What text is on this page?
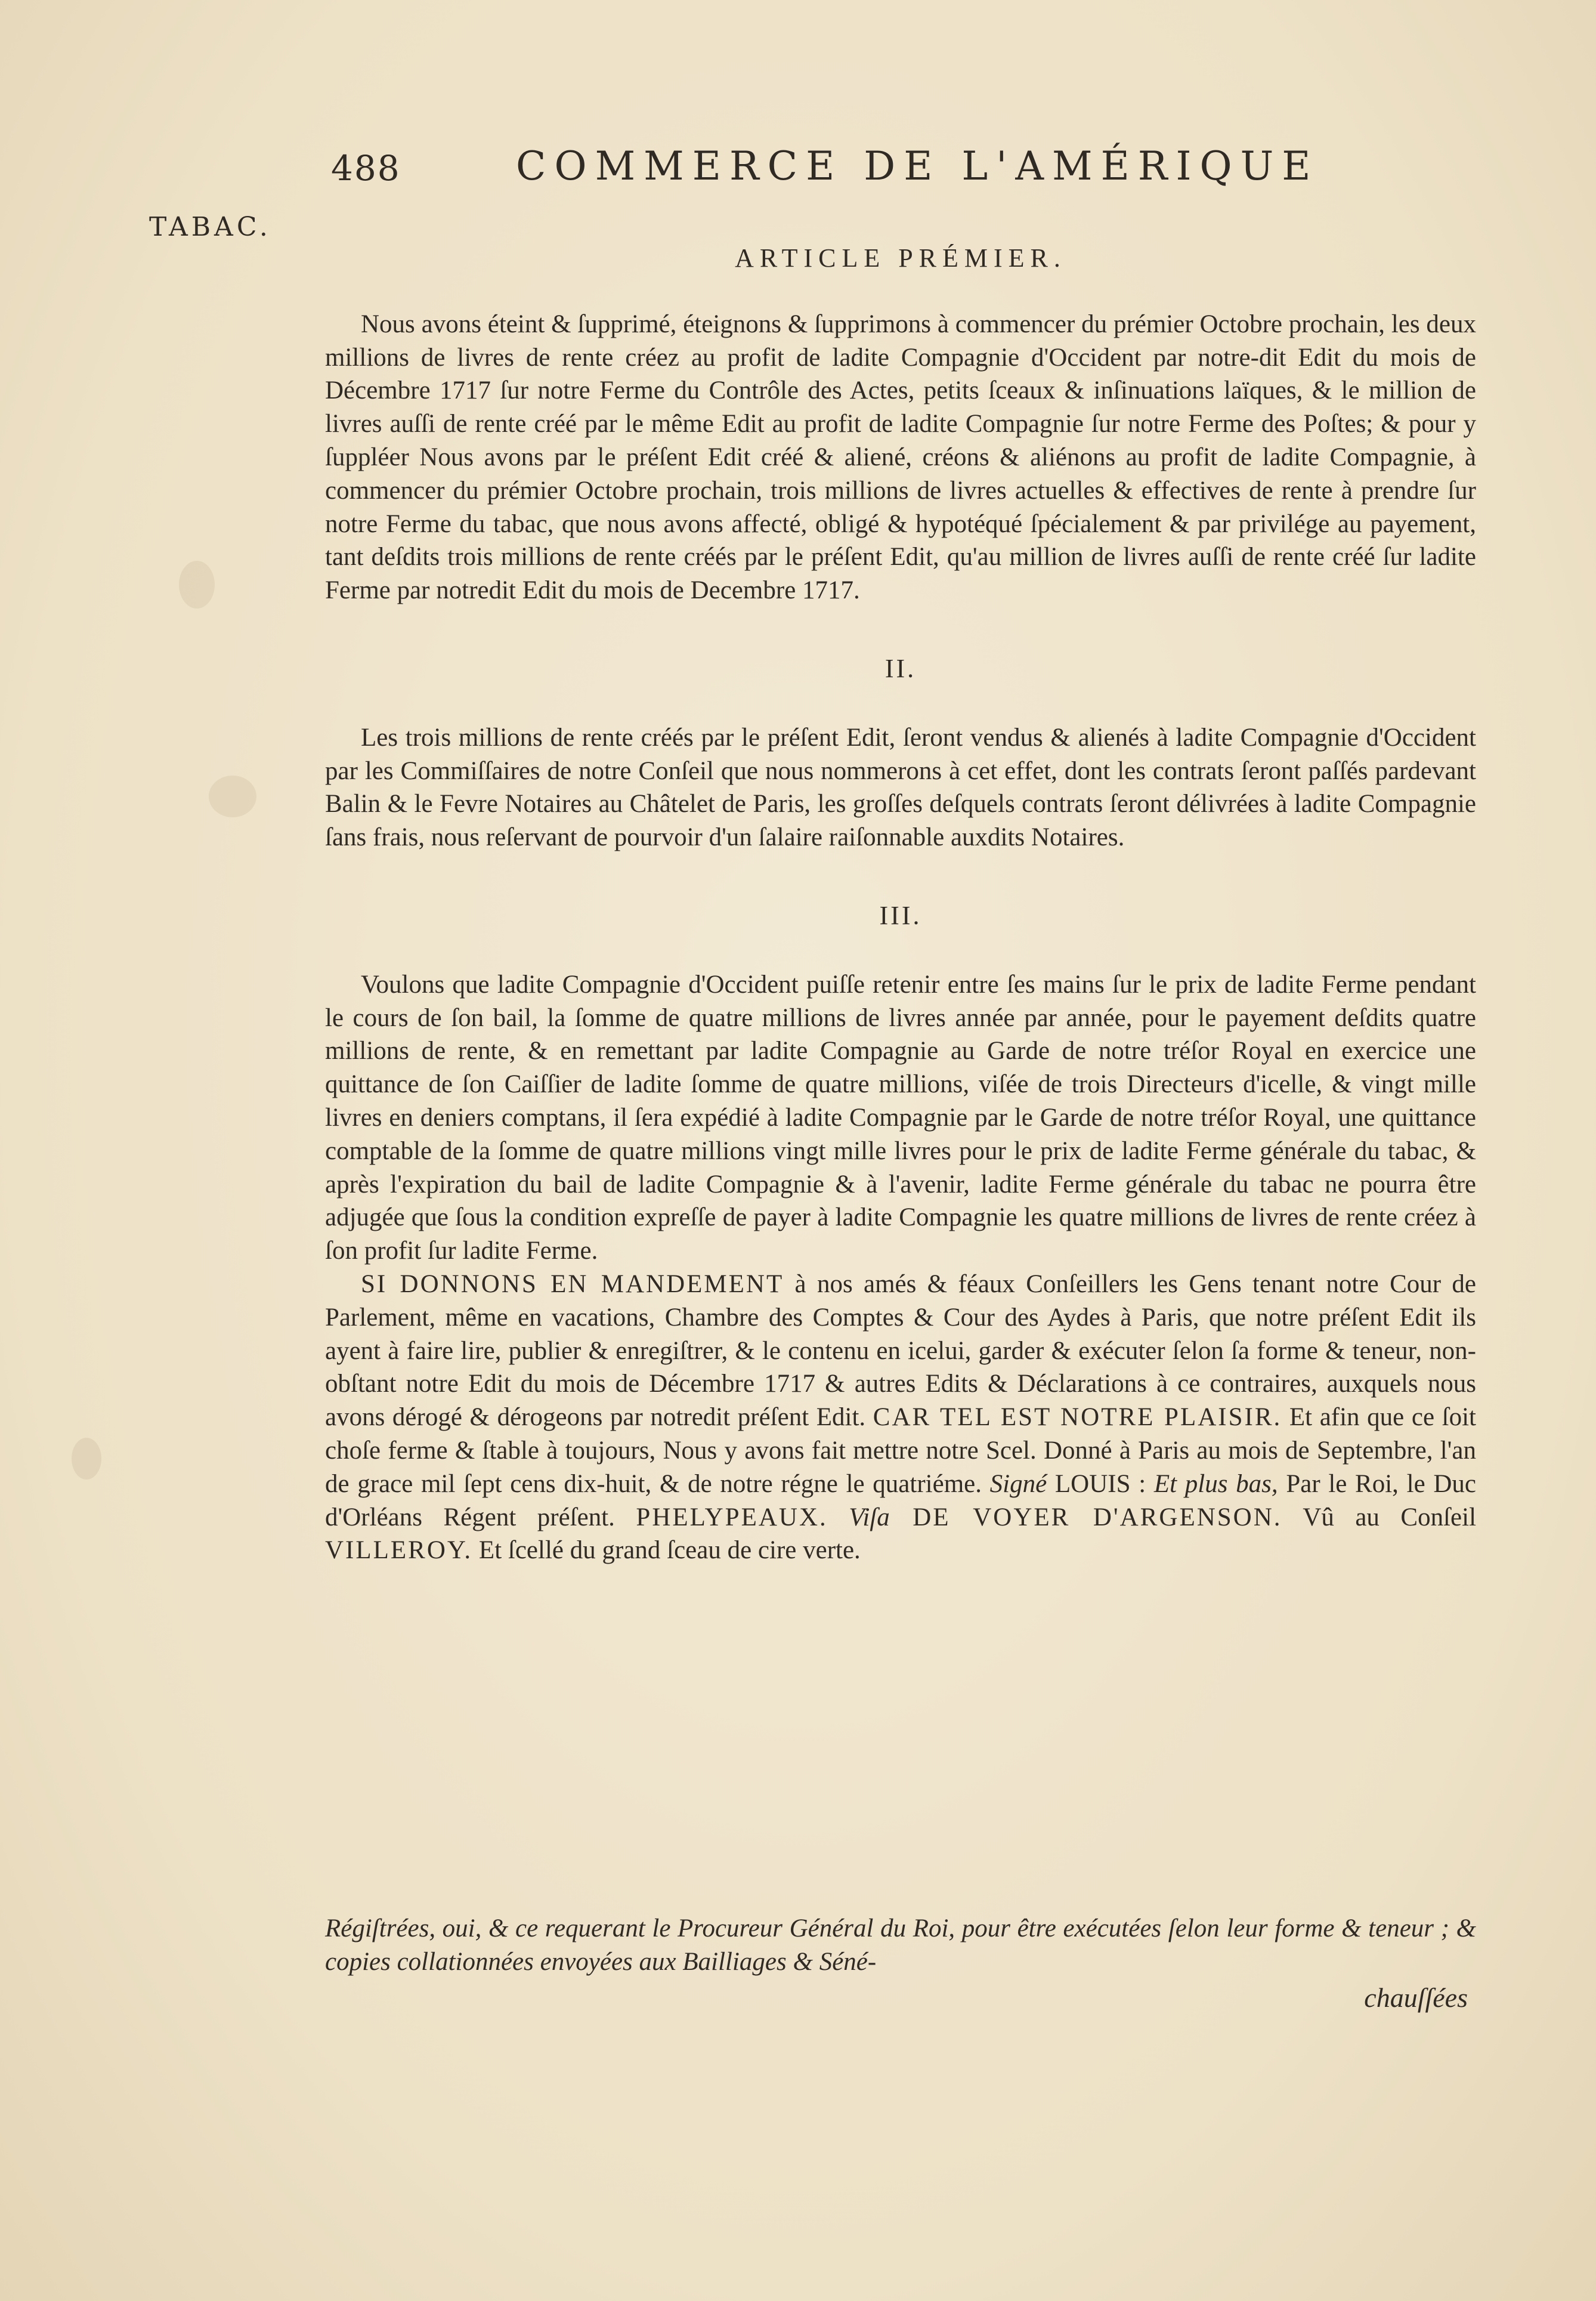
488	COMMERCE DE L'AMÉRIQUE
TABAC.
ARTICLE PRÉMIER.

Nous avons éteint & ſupprimé, éteignons & ſupprimons à commencer du prémier Octobre prochain, les deux millions de livres de rente créez au profit de ladite Compagnie d'Occident par notre-dit Edit du mois de Décembre 1717 ſur notre Ferme du Contrôle des Actes, petits ſceaux & inſinuations laïques, & le million de livres auſſi de rente créé par le même Edit au profit de ladite Compagnie ſur notre Ferme des Poſtes; & pour y ſuppléer Nous avons par le préſent Edit créé & aliené, créons & aliénons au profit de ladite Compagnie, à commencer du prémier Octobre prochain, trois millions de livres actuelles & effectives de rente à prendre ſur notre Ferme du tabac, que nous avons affecté, obligé & hypotéqué ſpécialement & par privilége au payement, tant deſdits trois millions de rente créés par le préſent Edit, qu'au million de livres auſſi de rente créé ſur ladite Ferme par notredit Edit du mois de Decembre 1717.

II.

Les trois millions de rente créés par le préſent Edit, ſeront vendus & alienés à ladite Compagnie d'Occident par les Commiſſaires de notre Conſeil que nous nommerons à cet effet, dont les contrats ſeront paſſés pardevant Balin & le Fevre Notaires au Châtelet de Paris, les groſſes deſquels contrats ſeront délivrées à ladite Compagnie ſans frais, nous reſervant de pourvoir d'un ſalaire raiſonnable auxdits Notaires.

III.

Voulons que ladite Compagnie d'Occident puiſſe retenir entre ſes mains ſur le prix de ladite Ferme pendant le cours de ſon bail, la ſomme de quatre millions de livres année par année, pour le payement deſdits quatre millions de rente, & en remettant par ladite Compagnie au Garde de notre tréſor Royal en exercice une quittance de ſon Caiſſier de ladite ſomme de quatre millions, viſée de trois Directeurs d'icelle, & vingt mille livres en deniers comptans, il ſera expédié à ladite Compagnie par le Garde de notre tréſor Royal, une quittance comptable de la ſomme de quatre millions vingt mille livres pour le prix de ladite Ferme générale du tabac, & après l'expiration du bail de ladite Compagnie & à l'avenir, ladite Ferme générale du tabac ne pourra être adjugée que ſous la condition expreſſe de payer à ladite Compagnie les quatre millions de livres de rente créez à ſon profit ſur ladite Ferme.

SI DONNONS EN MANDEMENT à nos amés & féaux Conſeillers les Gens tenant notre Cour de Parlement, même en vacations, Chambre des Comptes & Cour des Aydes à Paris, que notre préſent Edit ils ayent à faire lire, publier & enregiſtrer, & le contenu en icelui, garder & exécuter ſelon ſa forme & teneur, non-obſtant notre Edit du mois de Décembre 1717 & autres Edits & Déclarations à ce contraires, auxquels nous avons dérogé & dérogeons par notredit préſent Edit. CAR TEL EST NOTRE PLAISIR. Et afin que ce ſoit choſe ferme & ſtable à toujours, Nous y avons fait mettre notre Scel. Donné à Paris au mois de Septembre, l'an de grace mil ſept cens dix-huit, & de notre régne le quatriéme. Signé LOUIS : Et plus bas, Par le Roi, le Duc d'Orléans Régent préſent. PHELYPEAUX. Viſa DE VOYER D'ARGENSON. Vû au Conſeil VILLEROY. Et ſcellé du grand ſceau de cire verte.

Régiſtrées, oui, & ce requerant le Procureur Général du Roi, pour être exécutées ſelon leur forme & teneur ; & copies collationnées envoyées aux Bailliages & Séné-
chauſſées
